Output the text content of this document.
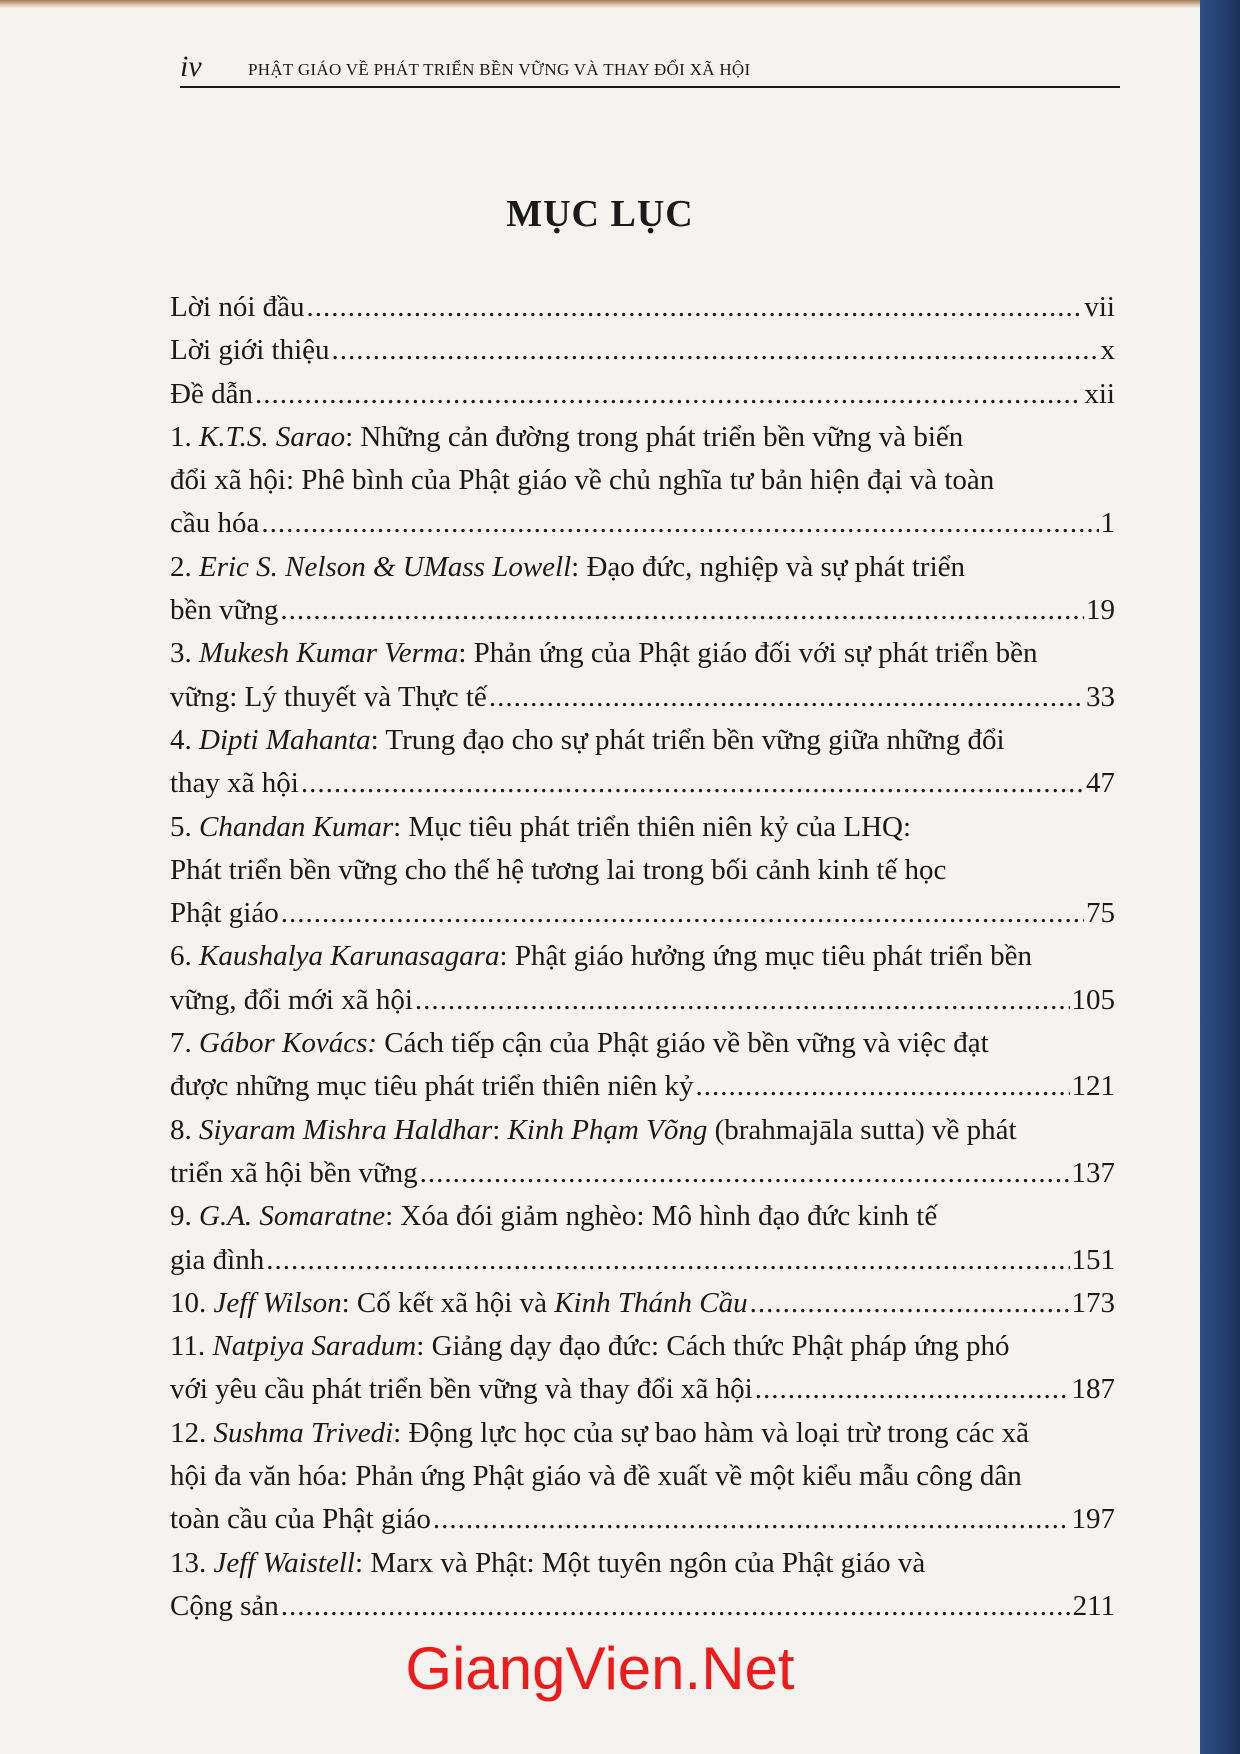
iv	PHẬT GIÁO VỀ PHÁT TRIỂN BỀN VỮNG VÀ THAY ĐỔI XÃ HỘI
MỤC LỤC
Lời nói đầu .....	vii
Lời giới thiệu .....	x
Đề dẫn .....	xii
1. K.T.S. Sarao: Những cản đường trong phát triển bền vững và biến
đổi xã hội: Phê bình của Phật giáo về chủ nghĩa tư bản hiện đại và toàn
cầu hóa .....	1
2. Eric S. Nelson & UMass Lowell: Đạo đức, nghiệp và sự phát triển
bền vững .....	19
3. Mukesh Kumar Verma: Phản ứng của Phật giáo đối với sự phát triển bền
vững: Lý thuyết và Thực tế .....	33
4. Dipti Mahanta: Trung đạo cho sự phát triển bền vững giữa những đổi
thay xã hội .....	47
5. Chandan Kumar: Mục tiêu phát triển thiên niên kỷ của LHQ:
Phát triển bền vững cho thế hệ tương lai trong bối cảnh kinh tế học
Phật giáo .....	75
6. Kaushalya Karunasagara: Phật giáo hưởng ứng mục tiêu phát triển bền
vững, đổi mới xã hội .....	105
7. Gábor Kovács: Cách tiếp cận của Phật giáo về bền vững và việc đạt
được những mục tiêu phát triển thiên niên kỷ .....	121
8. Siyaram Mishra Haldhar: Kinh Phạm Võng (brahmajāla sutta) về phát
triển xã hội bền vững .....	137
9. G.A. Somaratne: Xóa đói giảm nghèo: Mô hình đạo đức kinh tế
gia đình .....	151
10. Jeff Wilson: Cố kết xã hội và Kinh Thánh Cầu .....	173
11. Natpiya Saradum: Giảng dạy đạo đức: Cách thức Phật pháp ứng phó
với yêu cầu phát triển bền vững và thay đổi xã hội .....	187
12. Sushma Trivedi: Động lực học của sự bao hàm và loại trừ trong các xã
hội đa văn hóa: Phản ứng Phật giáo và đề xuất về một kiểu mẫu công dân
toàn cầu của Phật giáo .....	197
13. Jeff Waistell: Marx và Phật: Một tuyên ngôn của Phật giáo và
Cộng sản .....	211
GiangVien.Net
